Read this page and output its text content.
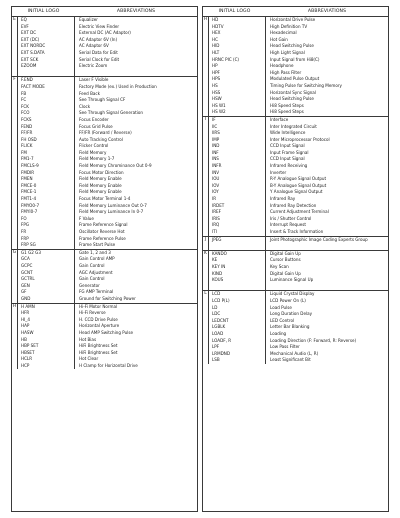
INITIAL LOGO	ABBREVIATIONS
E	EQ	Equalizer
EVF	Electric View Finder
EXT DC	External DC (AC Adaptor)
EXT (DC)	AC Adaptor 6V (In)
EXT NORDC	AC Adaptor 6V
EXT S.DATA	Serial Data for Edit
EXT SCK	Serial Clock for Edit
EZOOM	Electric Zoom
F	F.END	Laser F Visible
FACT MODE	Factory Mode (ex.) Used in Production
FB	Feed Back
FC	See Through Signal CF
FCK	Clock
FCO	See Through Signal Generation
FCKS	Focus Encoder
FEND	Focus Grid Pulse
FF/FR	FF/FR (Forward / Reverse)
FH OSD	Auto Tracking Control
FLICK	Flicker Control
FM	Field Memory
FM1-7	Field Memory 1-7
FMCLS-9	Field Memory Chrominance Out 0-9
FMDIR	Focus Motor Direction
FMEN	Field Memory Enable
FMCE-0	Field Memory Enable
FMCE-1	Field Memory Enable
FMT1-4	Focus Motor Terminal 1-4
FMYO0-7	Field Memory Luminance Out 0-7
FMYI0-7	Field Memory Luminance In 0-7
FO	F Value
FPG	Frame Reference Signal
FR	Oscillator Reverse Hot
FRP	Frame Reference Pulse
FRP SG	Frame Start Pulse
G	G1 G2 G3	Gate 1, 2 and 3
GCA	Gain Control AMP
GCPC	Gain Control
GCNT	AGC Adjustment
GCTRL	Gain Control
GEN	Generator
GF	FG AMP Terminal
GND	Ground for Switching Power
H	H AMN	Hi-Fi Motor Normal
HFR	Hi-Fi Reverse
HI_4	H. CCD Drive Pulse
HAP	Horizontal Aperture
HASW	Head AMP Switching Pulse
HB	Hot Bias
HBP SET	HiFi Brightness Set
HBSET	HiFi Brightness Set
HCLR	Hot Clear
HCP	H Clamp for Horizontal Drive
INITIAL LOGO	ABBREVIATIONS
H	HD	Horizontal Drive Pulse
HDTV	High Definition TV
HEX	Hexadecimal
HC	Hot Gain
HID	Head Switching Pulse
HLT	High Light Signal
HRNC PIC (C)	Input Signal from Hi8(C)
HP	Headphone
HPF	High Pass Filter
HPS	Modulated Pulse Output
HS	Timing Pulse for Switching Memory
HSS	Horizontal Sync Signal
HSW	Head Switching Pulse
HS W1	Hi8 Speed Steps
HS W2	Hi8 Speed Steps
I	IF	Interface
IIC	Inter Integrated Circuit
IIRS	Wide Intelligence
IMP	Inter Microprocessor Protocol
IND	CCD Input Signal
INF	Input Frame Signal
INS	CCD Input Signal
INFR	Infrared Receiving
INV	Inverter
IOU	R-Y Analogue Signal Output
IOV	B-Y Analogue Signal Output
IOY	Y Analogue Signal Output
IR	Infrared Ray
IRDET	Infrared Ray Detection
IREF	Current Adjustment Terminal
IRIS	Iris / Shutter Control
IRQ	Interrupt Request
ITI	Insert & Track Information
J	JPEG	Joint Photographic Image Coding Experts Group
K	KANDO	Digital Gain Up
KE	Cursor Buttons
KEY IN	Key Scan
KIND	Digital Gain Up
KOUS	Luminance Signal Up
L	LCD	Liquid Crystal Display
LCD P(L)	LCD Power On (L)
LD	Load Pulse
LDC	Long Duration Delay
LEDCNT	LED Control
LGBLK	Letter Bar Blanking
LOAD	Loading
LOADF, R	Loading Direction (F: Forward, R: Reverse)
LPF	Low Pass Filter
LRMDND	Mechanical Audio (L, R)
LSB	Least Significant Bit
